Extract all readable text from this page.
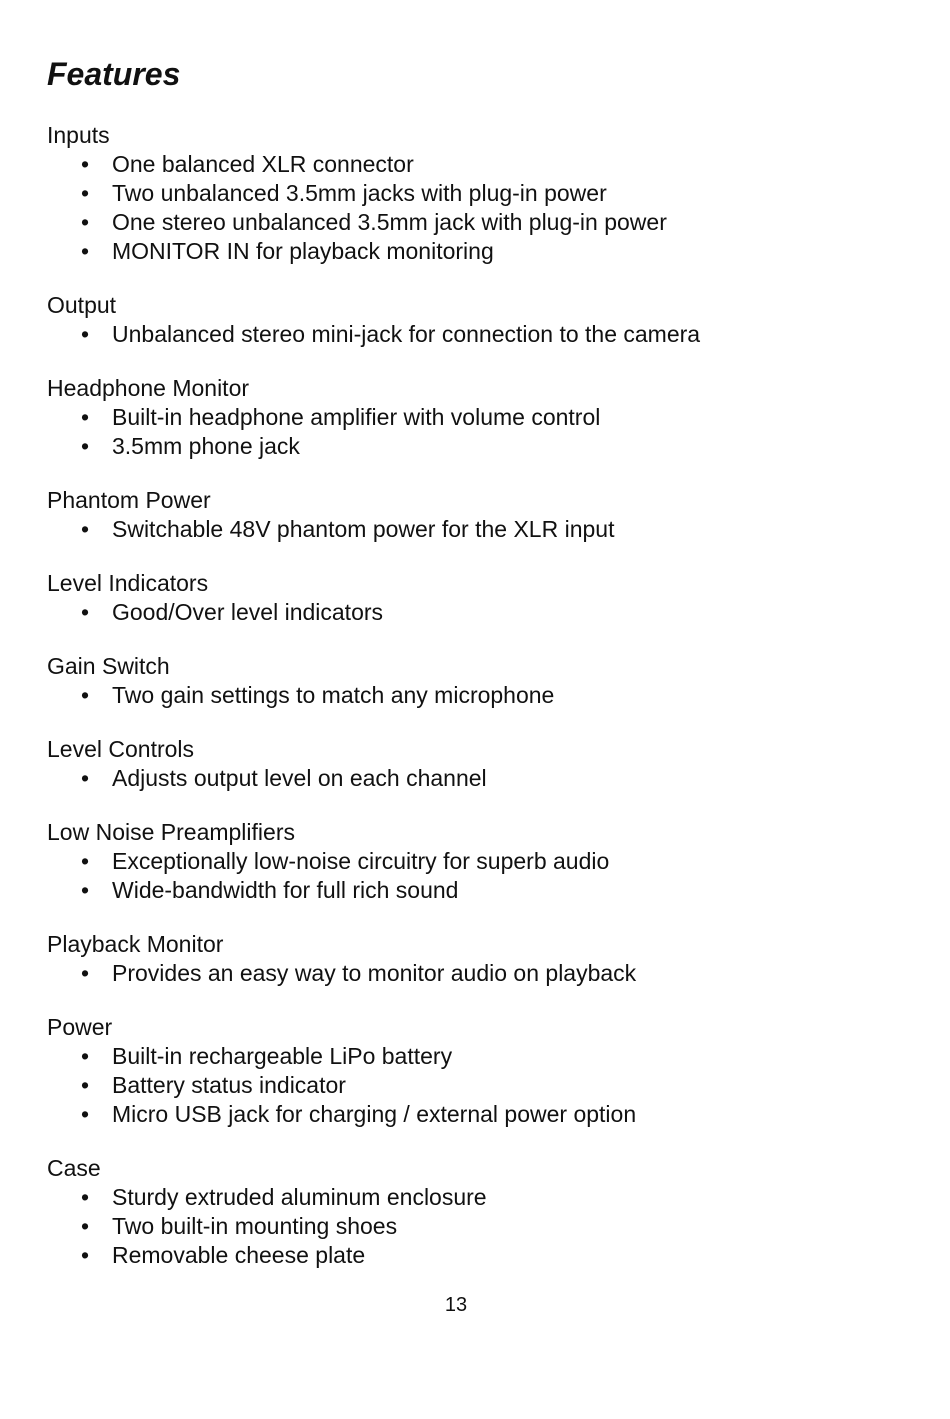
Features
Inputs
• One balanced XLR connector
• Two unbalanced 3.5mm jacks with plug-in power
• One stereo unbalanced 3.5mm jack with plug-in power
• MONITOR IN for playback monitoring
Output
• Unbalanced stereo mini-jack for connection to the camera
Headphone Monitor
• Built-in headphone amplifier with volume control
• 3.5mm phone jack
Phantom Power
• Switchable 48V phantom power for the XLR input
Level Indicators
• Good/Over level indicators
Gain Switch
• Two gain settings to match any microphone
Level Controls
• Adjusts output level on each channel
Low Noise Preamplifiers
• Exceptionally low-noise circuitry for superb audio
• Wide-bandwidth for full rich sound
Playback Monitor
• Provides an easy way to monitor audio on playback
Power
• Built-in rechargeable LiPo battery
• Battery status indicator
• Micro USB jack for charging / external power option
Case
• Sturdy extruded aluminum enclosure
• Two built-in mounting shoes
• Removable cheese plate
13
